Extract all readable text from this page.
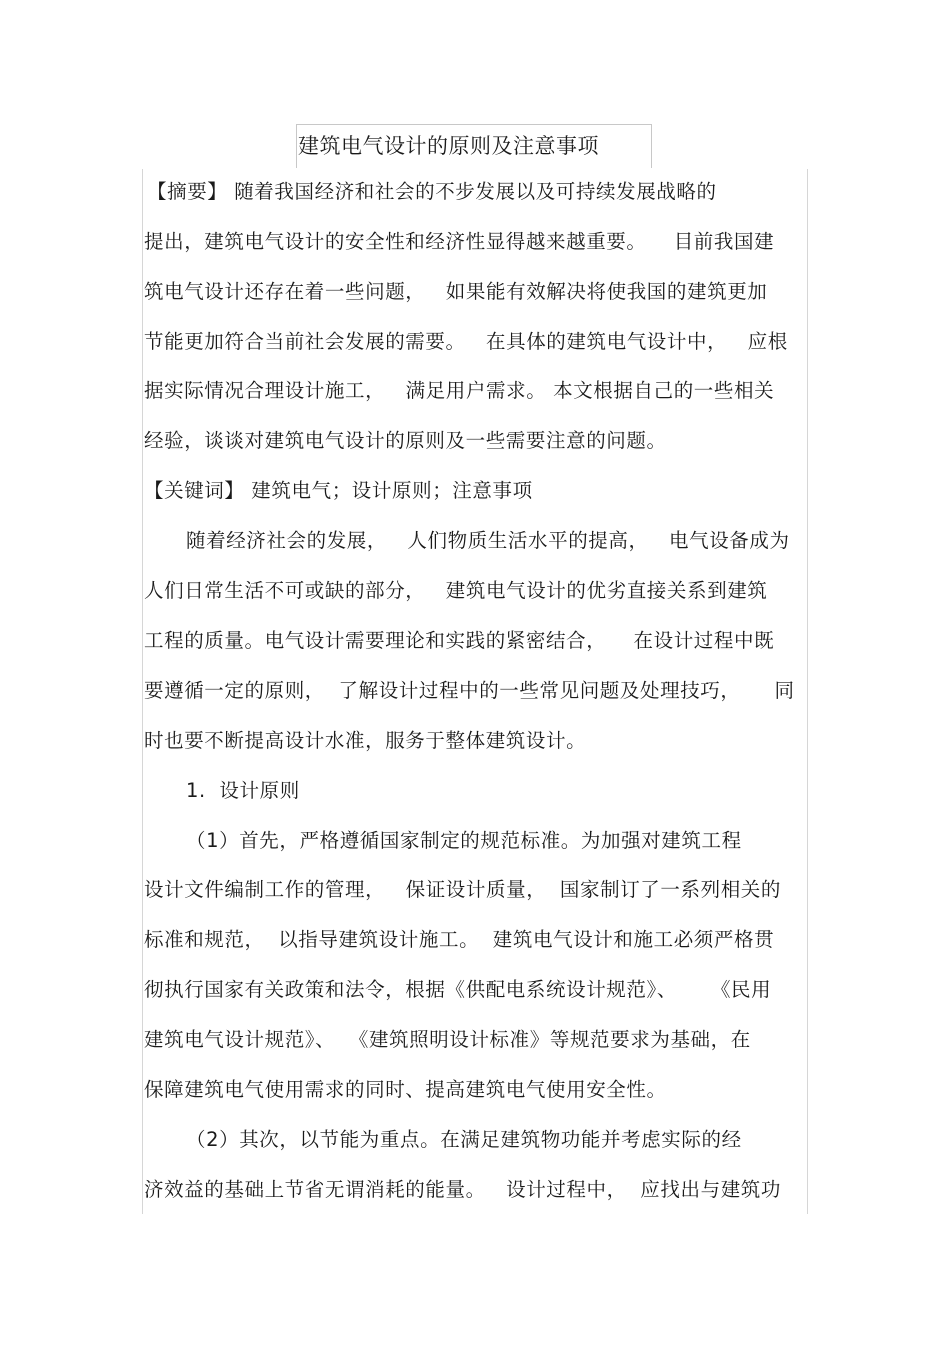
建筑电气设计的原则及注意事项
【摘要】 随着我国经济和社会的不步发展以及可持续发展战略的
提出，建筑电气设计的安全性和经济性显得越来越重要。    目前我国建
筑电气设计还存在着一些问题，   如果能有效解决将使我国的建筑更加
节能更加符合当前社会发展的需要。   在具体的建筑电气设计中，   应根
据实际情况合理设计施工，   满足用户需求。 本文根据自己的一些相关
经验，谈谈对建筑电气设计的原则及一些需要注意的问题。
【关键词】 建筑电气；设计原则；注意事项
随着经济社会的发展，   人们物质生活水平的提高，   电气设备成为
人们日常生活不可或缺的部分，   建筑电气设计的优劣直接关系到建筑
工程的质量。电气设计需要理论和实践的紧密结合，    在设计过程中既
要遵循一定的原则，  了解设计过程中的一些常见问题及处理技巧，     同
时也要不断提高设计水准，服务于整体建筑设计。
1.  设计原则
（1）首先，严格遵循国家制定的规范标准。为加强对建筑工程
设计文件编制工作的管理，   保证设计质量，  国家制订了一系列相关的
标准和规范，  以指导建筑设计施工。  建筑电气设计和施工必须严格贯
彻执行国家有关政策和法令，根据《供配电系统设计规范》、     《民用
建筑电气设计规范》、  《建筑照明设计标准》等规范要求为基础，在
保障建筑电气使用需求的同时、提高建筑电气使用安全性。
（2）其次，以节能为重点。在满足建筑物功能并考虑实际的经
济效益的基础上节省无谓消耗的能量。   设计过程中，  应找出与建筑功
